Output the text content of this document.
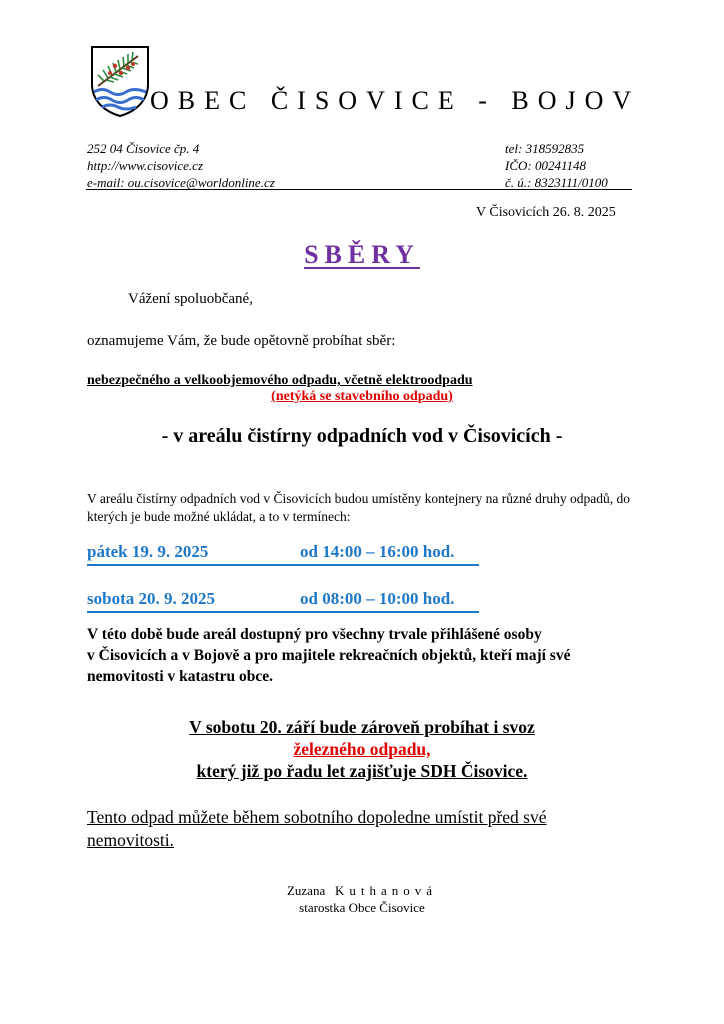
OBEC ČISOVICE - BOJOV
252 04 Čisovice čp. 4
http://www.cisovice.cz
e-mail: ou.cisovice@worldonline.cz
tel: 318592835
IČO: 00241148
č. ú.: 8323111/0100
V Čisovicích 26. 8. 2025
SBĚRY
Vážení spoluobčané,
oznamujeme Vám, že bude opětovně probíhat sběr:
nebezpečného a velkoobjemového odpadu, včetně elektroodpadu
(netýká se stavebního odpadu)
- v areálu čistírny odpadních vod v Čisovicích -
V areálu čistírny odpadních vod v Čisovicích budou umístěny kontejnery na různé druhy odpadů, do kterých je bude možné ukládat, a to v termínech:
pátek 19. 9. 2025	od 14:00 – 16:00 hod.
sobota 20. 9. 2025	od 08:00 – 10:00 hod.
V této době bude areál dostupný pro všechny trvale přihlášené osoby
v Čisovicích a v Bojově a pro majitele rekreačních objektů, kteří mají své
nemovitosti v katastru obce.
V sobotu 20. září bude zároveň probíhat i svoz
železného odpadu,
který již po řadu let zajišťuje SDH Čisovice.
Tento odpad můžete během sobotního dopoledne umístit před své
nemovitosti.
Zuzana Kuthanová
starostka Obce Čisovice
